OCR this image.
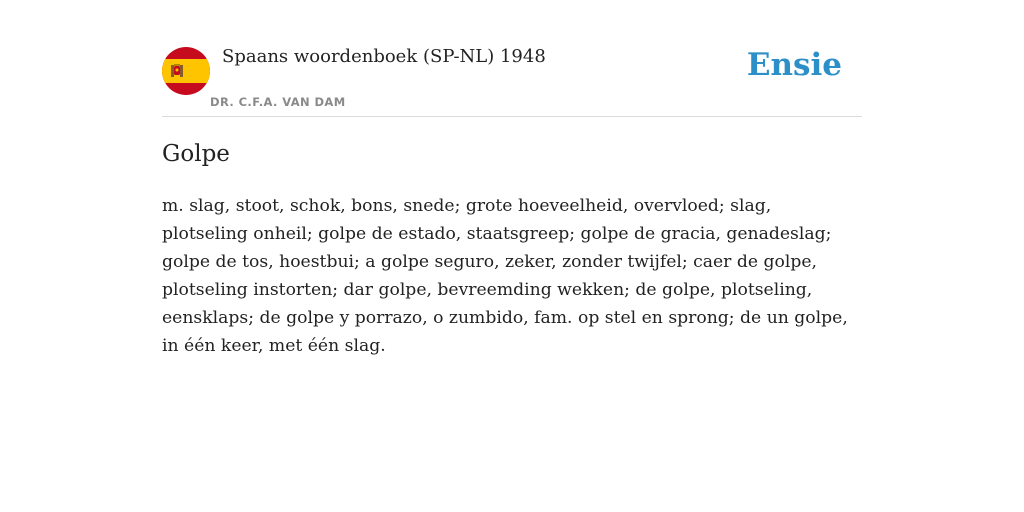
Spaans woordenboek (SP-NL) 1948
DR. C.F.A. VAN DAM
Ensie
Golpe

m. slag, stoot, schok, bons, snede; grote hoeveelheid, overvloed; slag, plotseling onheil; golpe de estado, staatsgreep; golpe de gracia, genadeslag; golpe de tos, hoestbui; a golpe seguro, zeker, zonder twijfel; caer de golpe, plotseling instorten; dar golpe, bevreemding wekken; de golpe, plotseling, eensklaps; de golpe y porrazo, o zumbido, fam. op stel en sprong; de un golpe, in één keer, met één slag.
